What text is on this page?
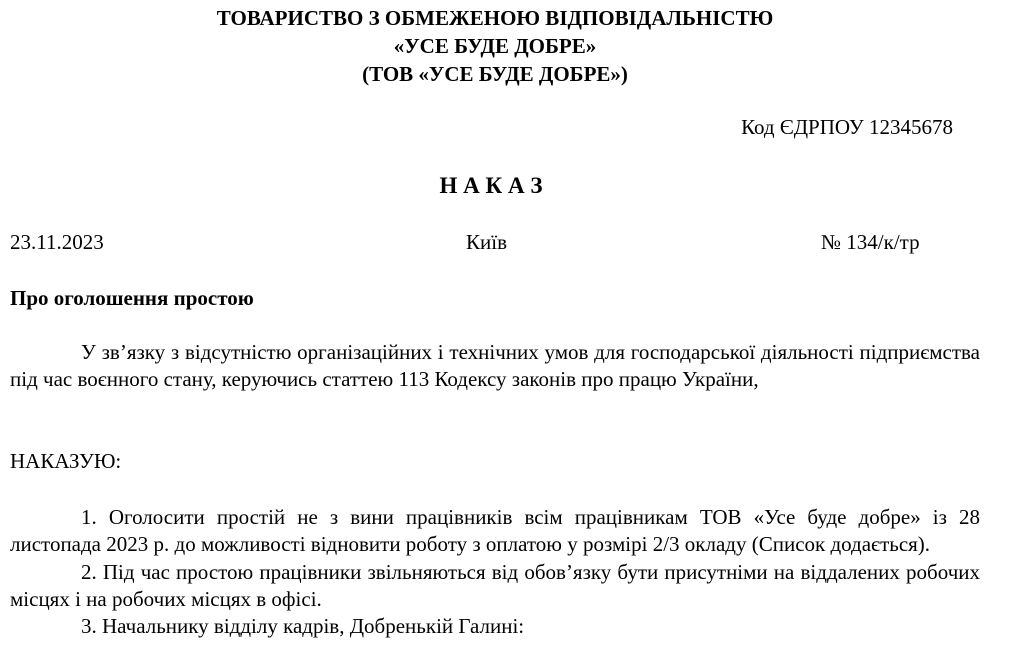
ТОВАРИСТВО З ОБМЕЖЕНОЮ ВІДПОВІДАЛЬНІСТЮ
«УСЕ БУДЕ ДОБРЕ»
(ТОВ «УСЕ БУДЕ ДОБРЕ»)
Код ЄДРПОУ 12345678
Н А К А З
23.11.2023	Київ	№ 134/к/тр
Про оголошення простою

У зв’язку з відсутністю організаційних і технічних умов для господарської діяльності підприємства під час воєнного стану, керуючись статтею 113 Кодексу законів про працю України,

НАКАЗУЮ:

1. Оголосити простій не з вини працівників всім працівникам ТОВ «Усе буде добре» із 28 листопада 2023 р. до можливості відновити роботу з оплатою у розмірі 2/3 окладу (Список додається).

2. Під час простою працівники звільняються від обов’язку бути присутніми на віддалених робочих місцях і на робочих місцях в офісі.

3. Начальнику відділу кадрів, Добренькій Галині:
